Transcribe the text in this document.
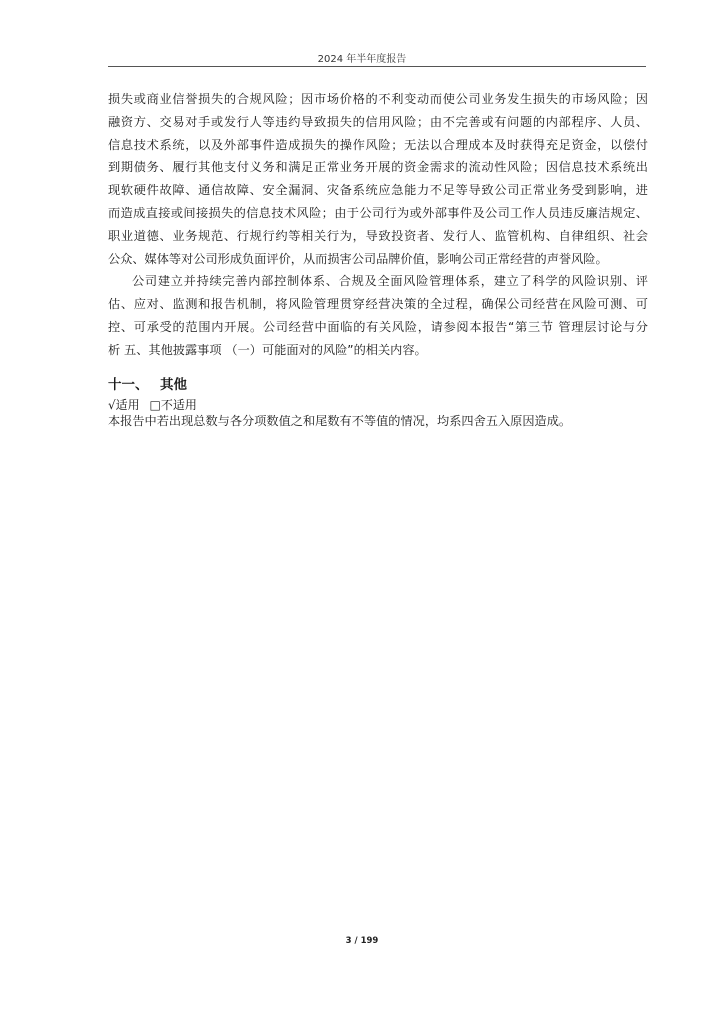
2024 年半年度报告
损失或商业信誉损失的合规风险；因市场价格的不利变动而使公司业务发生损失的市场风险；因
融资方、交易对手或发行人等违约导致损失的信用风险；由不完善或有问题的内部程序、人员、
信息技术系统，以及外部事件造成损失的操作风险；无法以合理成本及时获得充足资金，以偿付
到期债务、履行其他支付义务和满足正常业务开展的资金需求的流动性风险；因信息技术系统出
现软硬件故障、通信故障、安全漏洞、灾备系统应急能力不足等导致公司正常业务受到影响，进
而造成直接或间接损失的信息技术风险；由于公司行为或外部事件及公司工作人员违反廉洁规定、
职业道德、业务规范、行规行约等相关行为，导致投资者、发行人、监管机构、自律组织、社会
公众、媒体等对公司形成负面评价，从而损害公司品牌价值，影响公司正常经营的声誉风险。
公司建立并持续完善内部控制体系、合规及全面风险管理体系，建立了科学的风险识别、评
估、应对、监测和报告机制，将风险管理贯穿经营决策的全过程，确保公司经营在风险可测、可
控、可承受的范围内开展。公司经营中面临的有关风险，请参阅本报告“第三节 管理层讨论与分
析 五、其他披露事项 （一）可能面对的风险”的相关内容。
十一、 其他
√适用 □不适用
本报告中若出现总数与各分项数值之和尾数有不等值的情况，均系四舍五入原因造成。
3 / 199
